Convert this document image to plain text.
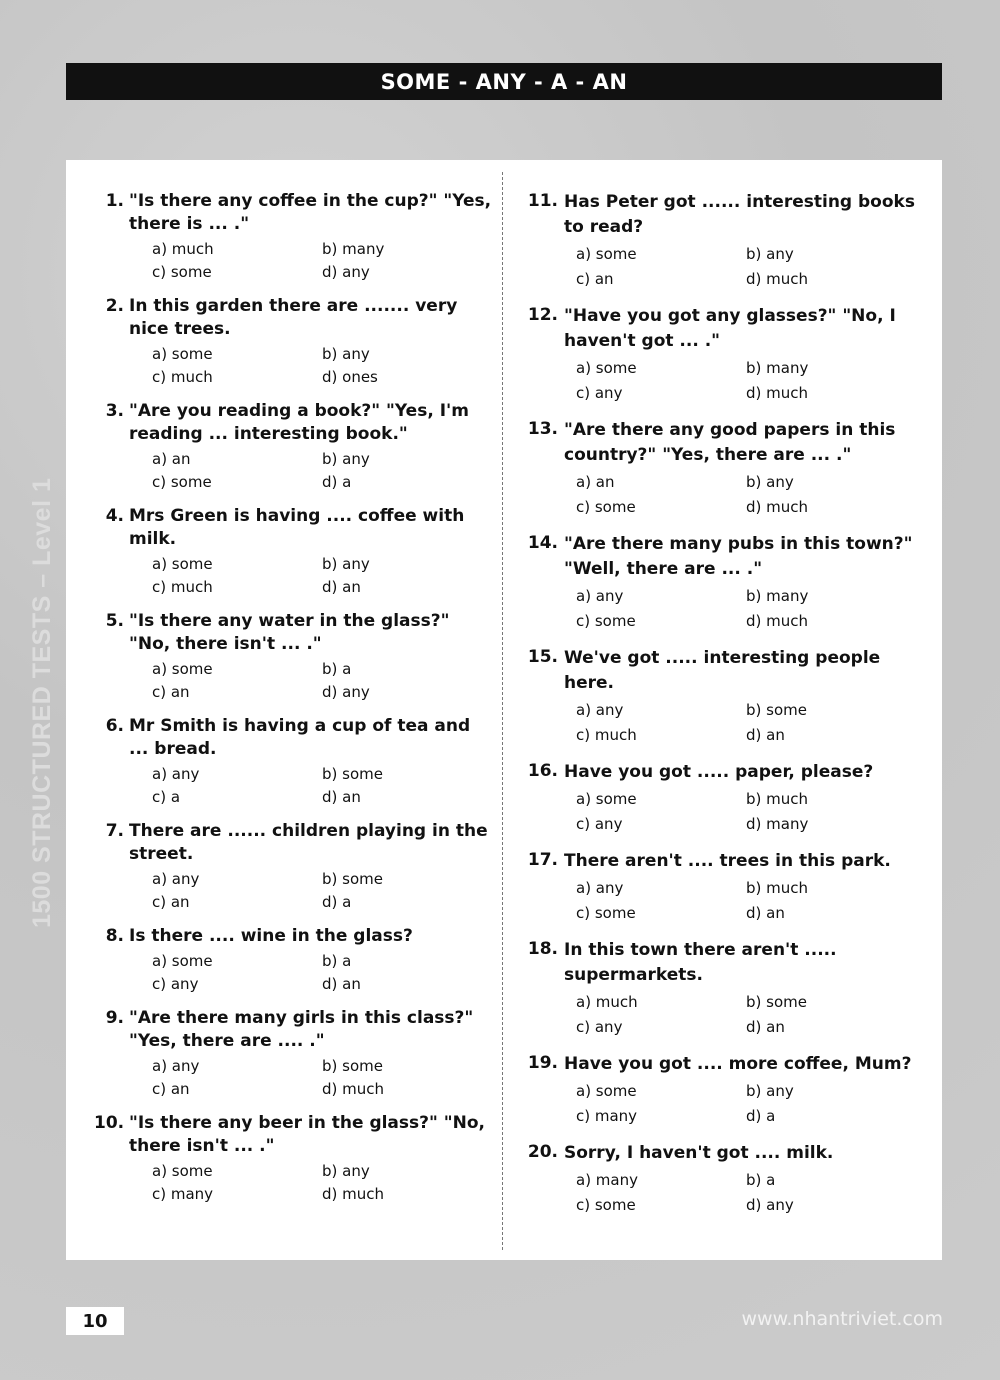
SOME - ANY - A - AN
1500 STRUCTURED TESTS – Level 1
1. "Is there any coffee in the cup?" "Yes, there is ... ."
a) much	b) many
c) some	d) any
2. In this garden there are ....... very nice trees.
a) some	b) any
c) much	d) ones
3. "Are you reading a book?" "Yes, I'm reading ... interesting book."
a) an	b) any
c) some	d) a
4. Mrs Green is having .... coffee with milk.
a) some	b) any
c) much	d) an
5. "Is there any water in the glass?" "No, there isn't ... ."
a) some	b) a
c) an	d) any
6. Mr Smith is having a cup of tea and ... bread.
a) any	b) some
c) a	d) an
7. There are ...... children playing in the street.
a) any	b) some
c) an	d) a
8. Is there .... wine in the glass?
a) some	b) a
c) any	d) an
9. "Are there many girls in this class?" "Yes, there are .... ."
a) any	b) some
c) an	d) much
10. "Is there any beer in the glass?" "No, there isn't ... ."
a) some	b) any
c) many	d) much
11. Has Peter got ...... interesting books to read?
a) some	b) any
c) an	d) much
12. "Have you got any glasses?" "No, I haven't got ... ."
a) some	b) many
c) any	d) much
13. "Are there any good papers in this country?" "Yes, there are ... ."
a) an	b) any
c) some	d) much
14. "Are there many pubs in this town?" "Well, there are ... ."
a) any	b) many
c) some	d) much
15. We've got ..... interesting people here.
a) any	b) some
c) much	d) an
16. Have you got ..... paper, please?
a) some	b) much
c) any	d) many
17. There aren't .... trees in this park.
a) any	b) much
c) some	d) an
18. In this town there aren't ..... supermarkets.
a) much	b) some
c) any	d) an
19. Have you got .... more coffee, Mum?
a) some	b) any
c) many	d) a
20. Sorry, I haven't got .... milk.
a) many	b) a
c) some	d) any
10	www.nhantriviet.com
